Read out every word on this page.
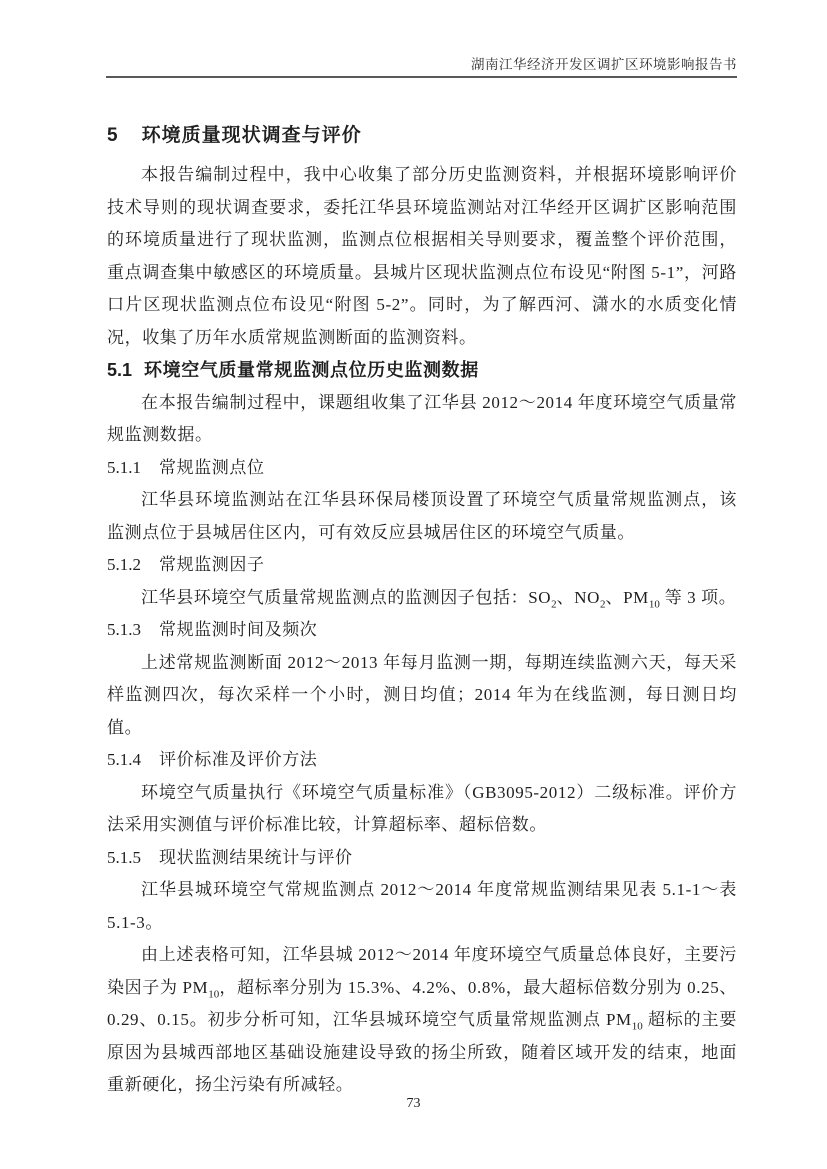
湖南江华经济开发区调扩区环境影响报告书
5 环境质量现状调查与评价

本报告编制过程中，我中心收集了部分历史监测资料，并根据环境影响评价技术导则的现状调查要求，委托江华县环境监测站对江华经开区调扩区影响范围的环境质量进行了现状监测，监测点位根据相关导则要求，覆盖整个评价范围，重点调查集中敏感区的环境质量。县城片区现状监测点位布设见“附图 5-1”，河路口片区现状监测点位布设见“附图 5-2”。同时，为了解西河、潇水的水质变化情况，收集了历年水质常规监测断面的监测资料。

5.1 环境空气质量常规监测点位历史监测数据

在本报告编制过程中，课题组收集了江华县 2012～2014 年度环境空气质量常规监测数据。

5.1.1 常规监测点位

江华县环境监测站在江华县环保局楼顶设置了环境空气质量常规监测点，该监测点位于县城居住区内，可有效反应县城居住区的环境空气质量。

5.1.2 常规监测因子

江华县环境空气质量常规监测点的监测因子包括：$SO_2$、$NO_2$、$PM_{10}$ 等 3 项。

5.1.3 常规监测时间及频次

上述常规监测断面 2012～2013 年每月监测一期，每期连续监测六天，每天采样监测四次，每次采样一个小时，测日均值；2014 年为在线监测，每日测日均值。

5.1.4 评价标准及评价方法

环境空气质量执行《环境空气质量标准》（GB3095-2012）二级标准。评价方法采用实测值与评价标准比较，计算超标率、超标倍数。

5.1.5 现状监测结果统计与评价

江华县城环境空气常规监测点 2012～2014 年度常规监测结果见表 5.1-1～表 5.1-3。

由上述表格可知，江华县城 2012～2014 年度环境空气质量总体良好，主要污染因子为 $PM_{10}$，超标率分别为 15.3%、4.2%、0.8%，最大超标倍数分别为 0.25、0.29、0.15。初步分析可知，江华县城环境空气质量常规监测点 $PM_{10}$ 超标的主要原因为县城西部地区基础设施建设导致的扬尘所致，随着区域开发的结束，地面重新硬化，扬尘污染有所减轻。

73
